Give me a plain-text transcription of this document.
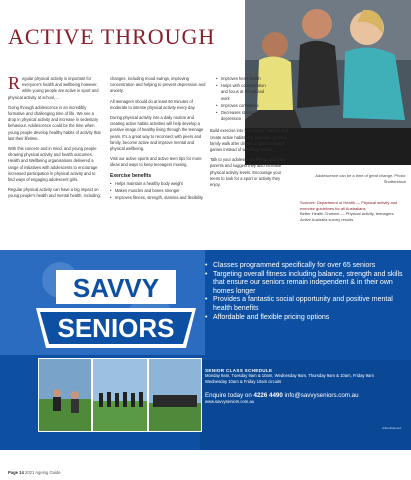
ACTIVE THROUGH

Regular physical activity is important for everyone's health and wellbeing however, while young people are active in sport and physical activity at school, ...

Going through adolescence is an incredibly formative and challenging time of life. We see a drop in physical activity and increase in sedentary behaviour. Adolescence could be the time when young people develop healthy habits of activity that last their lifetime.

With this concern and in mind, and young people showing physical activity and health outcomes, Health and Wellbeing organisations delivered a range of initiatives with adolescents to encourage increased participation in physical activity and to find ways of engaging adolescent girls.

Regular physical activity can have a big impact on young people's health and mental health, including:

changes, including mood swings, improving concentration and helping to prevent depression and anxiety.

All teenagers should do at least 60 minutes of moderate to intense physical activity every day.

During physical activity into a daily routine and creating active habits activities will help develop a positive image of healthy living through the teenage years. It's a great way to reconnect with peers and family, become active and improve mental and physical wellbeing.

Visit our active sports and active teen tips for more ideas and ways to keep teenagers moving.

Exercise benefits
• Helps maintain a healthy body weight
• Makes muscles and bones stronger
• Improves fitness, strength, stamina and flexibility
• Improves heart health
• Helps with concentration and focus at school and work
• Improves confidence
• Decreases stress and depression

Build exercise into your family routines and create active habits. For example, go for a family walk after dinner, or play backyard games instead of watching movies.

Talk to your adolescent's friends and their parents and suggest they also increase physical activity levels. Encourage your teens to look for a sport or activity they enjoy.

Adolescence can be a time of great change. Photo: Shutterstock
Sources: Department of Health — Physical activity and exercise guidelines for all Australians
Better Health Channel — Physical activity, teenagers. Active Australia survey results.
SAVVY
SENIORS
• Classes programmed specifically for over 65 seniors
• Targeting overall fitness including balance, strength and skills that ensure our seniors remain independent & in their own homes longer
• Provides a fantastic social opportunity and positive mental health benefits
• Affordable and flexible pricing options
SENIOR CLASS SCHEDULE
Monday 9am, Tuesday 9am & 10am, Wednesday 9am, Thursday 9am & 10am, Friday 9am
Wednesday 10am & Friday 10am circuits
Enquire today on 4226 4490 info@savvyseniors.com.au
www.savvyseniors.com.au
Advertisement
Page 14 2021 Ageing Guide
